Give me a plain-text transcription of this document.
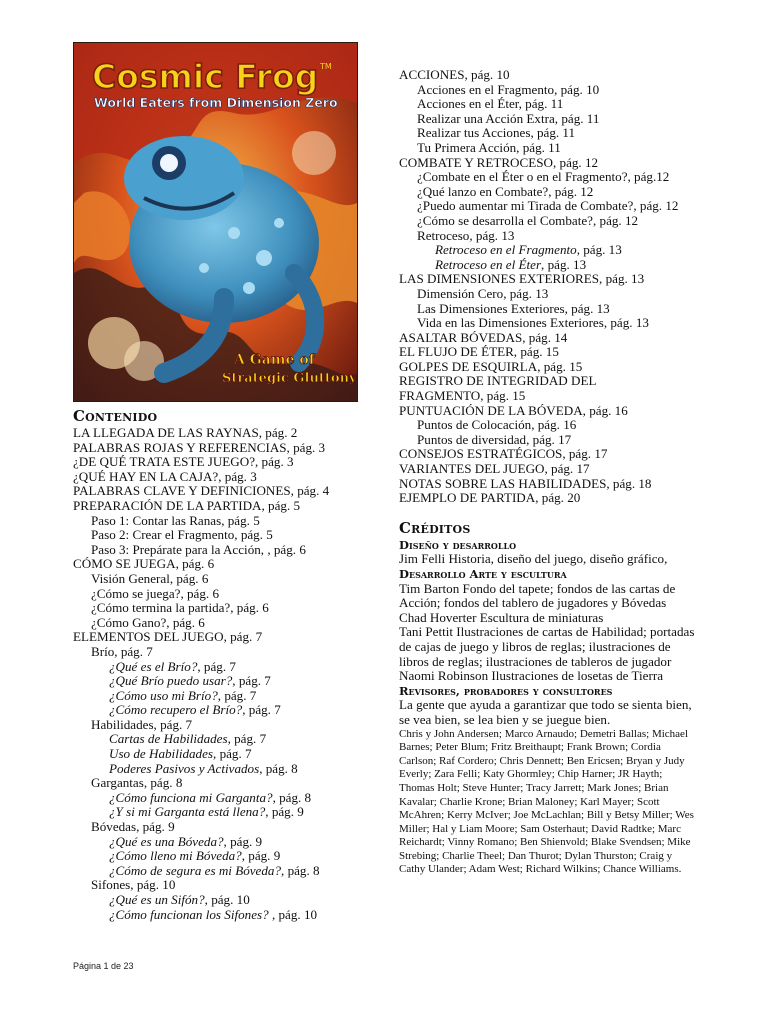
Cosmic Frog TM
World Eaters from Dimension Zero
A Game of
Strategic Gluttony
Contenido
LA LLEGADA DE LAS RAYNAS, pág. 2
PALABRAS ROJAS Y REFERENCIAS, pág. 3
¿DE QUÉ TRATA ESTE JUEGO?, pág. 3
¿QUÉ HAY EN LA CAJA?, pág. 3
PALABRAS CLAVE Y DEFINICIONES, pág. 4
PREPARACIÓN DE LA PARTIDA, pág. 5
Paso 1: Contar las Ranas, pág. 5
Paso 2: Crear el Fragmento, pág. 5
Paso 3: Prepárate para la Acción, , pág. 6
CÓMO SE JUEGA, pág. 6
Visión General, pág. 6
¿Cómo se juega?, pág. 6
¿Cómo termina la partida?, pág. 6
¿Cómo Gano?, pág. 6
ELEMENTOS DEL JUEGO, pág. 7
Brío, pág. 7
¿Qué es el Brío?, pág. 7
¿Qué Brío puedo usar?, pág. 7
¿Cómo uso mi Brío?, pág. 7
¿Cómo recupero el Brío?, pág. 7
Habilidades, pág. 7
Cartas de Habilidades, pág. 7
Uso de Habilidades, pág. 7
Poderes Pasivos y Activados, pág. 8
Gargantas, pág. 8
¿Cómo funciona mi Garganta?, pág. 8
¿Y si mi Garganta está llena?, pág. 9
Bóvedas, pág. 9
¿Qué es una Bóveda?, pág. 9
¿Cómo lleno mi Bóveda?, pág. 9
¿Cómo de segura es mi Bóveda?, pág. 8
Sifones, pág. 10
¿Qué es un Sifón?, pág. 10
¿Cómo funcionan los Sifones? , pág. 10
ACCIONES, pág. 10
Acciones en el Fragmento, pág. 10
Acciones en el Éter, pág. 11
Realizar una Acción Extra, pág. 11
Realizar tus Acciones, pág. 11
Tu Primera Acción, pág. 11
COMBATE Y RETROCESO, pág. 12
¿Combate en el Éter o en el Fragmento?, pág.12
¿Qué lanzo en Combate?, pág. 12
¿Puedo aumentar mi Tirada de Combate?, pág. 12
¿Cómo se desarrolla el Combate?, pág. 12
Retroceso, pág. 13
Retroceso en el Fragmento, pág. 13
Retroceso en el Éter, pág. 13
LAS DIMENSIONES EXTERIORES, pág. 13
Dimensión Cero, pág. 13
Las Dimensiones Exteriores, pág. 13
Vida en las Dimensiones Exteriores, pág. 13
ASALTAR BÓVEDAS, pág. 14
EL FLUJO DE ÉTER, pág. 15
GOLPES DE ESQUIRLA, pág. 15
REGISTRO DE INTEGRIDAD DEL
FRAGMENTO, pág. 15
PUNTUACIÓN DE LA BÓVEDA, pág. 16
Puntos de Colocación, pág. 16
Puntos de diversidad, pág. 17
CONSEJOS ESTRATÉGICOS, pág. 17
VARIANTES DEL JUEGO, pág. 17
NOTAS SOBRE LAS HABILIDADES, pág. 18
EJEMPLO DE PARTIDA, pág. 20
Créditos
Diseño y desarrollo
Jim Felli Historia, diseño del juego, diseño gráfico,
Desarrollo Arte y escultura
Tim Barton Fondo del tapete; fondos de las cartas de Acción; fondos del tablero de jugadores y Bóvedas
Chad Hoverter Escultura de miniaturas
Tani Pettit Ilustraciones de cartas de Habilidad; portadas de cajas de juego y libros de reglas; ilustraciones de libros de reglas; ilustraciones de tableros de jugador
Naomi Robinson Ilustraciones de losetas de Tierra
Revisores, probadores y consultores
La gente que ayuda a garantizar que todo se sienta bien, se vea bien, se lea bien y se juegue bien.
Chris y John Andersen; Marco Arnaudo; Demetri Ballas; Michael Barnes; Peter Blum; Fritz Breithaupt; Frank Brown; Cordia Carlson; Raf Cordero; Chris Dennett; Ben Ericsen; Bryan y Judy Everly; Zara Felli; Katy Ghormley; Chip Harner; JR Hayth; Thomas Holt; Steve Hunter; Tracy Jarrett; Mark Jones; Brian Kavalar; Charlie Krone; Brian Maloney; Karl Mayer; Scott McAhren; Kerry McIver; Joe McLachlan; Bill y Betsy Miller; Wes Miller; Hal y Liam Moore; Sam Osterhaut; David Radtke; Marc Reichardt; Vinny Romano; Ben Shienvold; Blake Svendsen; Mike Strebing; Charlie Theel; Dan Thurot; Dylan Thurston; Craig y Cathy Ulander; Adam West; Richard Wilkins; Chance Williams.
Página 1 de 23
